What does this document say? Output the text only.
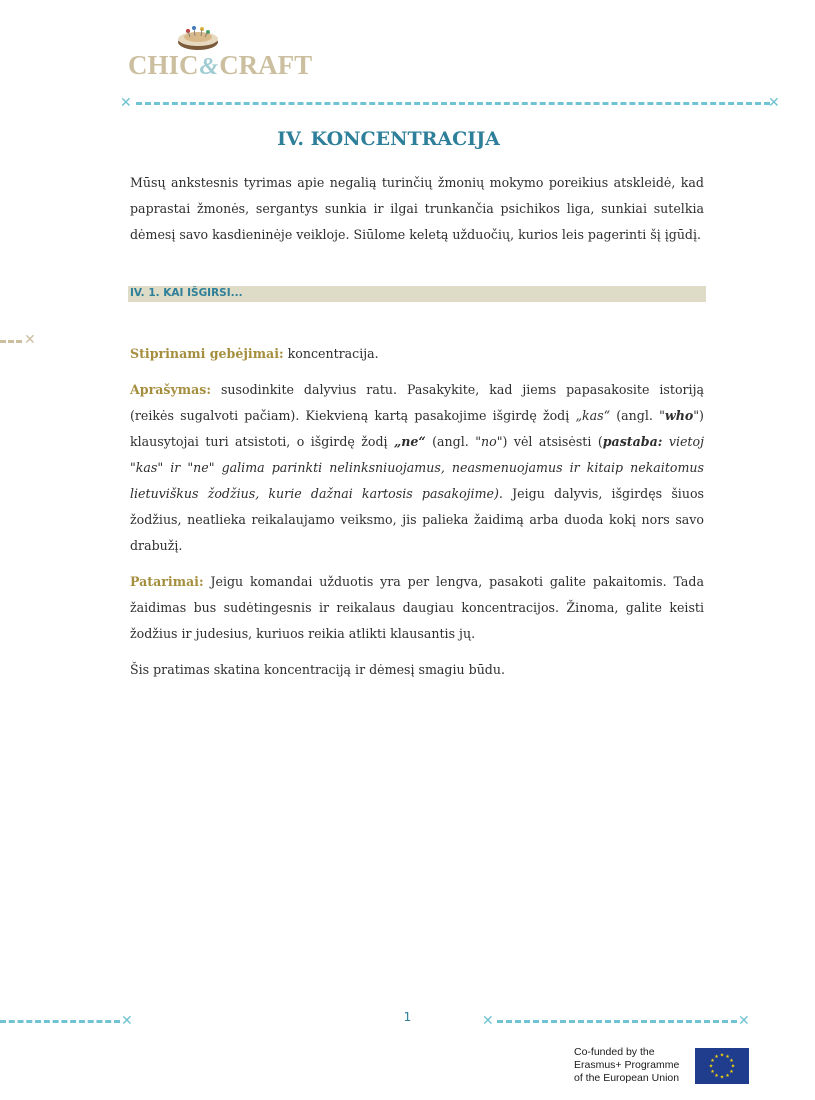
CHIC&CRAFT
✕	✕
IV. KONCENTRACIJA

Mūsų ankstesnis tyrimas apie negalią turinčių žmonių mokymo poreikius atskleidė, kad paprastai žmonės, sergantys sunkia ir ilgai trunkančia psichikos liga, sunkiai sutelkia dėmesį savo kasdieninėje veikloje. Siūlome keletą užduočių, kurios leis pagerinti šį įgūdį.

IV. 1. KAI IŠGIRSI...
✕

Stiprinami gebėjimai: koncentracija.

Aprašymas: susodinkite dalyvius ratu. Pasakykite, kad jiems papasakosite istoriją (reikės sugalvoti pačiam). Kiekvieną kartą pasakojime išgirdę žodį „kas“ (angl. "who") klausytojai turi atsistoti, o išgirdę žodį „ne“ (angl. "no") vėl atsisėsti (pastaba: vietoj "kas" ir "ne" galima parinkti nelinksniuojamus, neasmenuojamus ir kitaip nekaitomus lietuviškus žodžius, kurie dažnai kartosis pasakojime). Jeigu dalyvis, išgirdęs šiuos žodžius, neatlieka reikalaujamo veiksmo, jis palieka žaidimą arba duoda kokį nors savo drabužį.

Patarimai: Jeigu komandai užduotis yra per lengva, pasakoti galite pakaitomis. Tada žaidimas bus sudėtingesnis ir reikalaus daugiau koncentracijos. Žinoma, galite keisti žodžius ir judesius, kuriuos reikia atlikti klausantis jų.

Šis pratimas skatina koncentraciją ir dėmesį smagiu būdu.

✕	✕	✕
1
Co-funded by the
Erasmus+ Programme
of the European Union
★ ★
★
★
★
★
★
★
★
★
★
★
